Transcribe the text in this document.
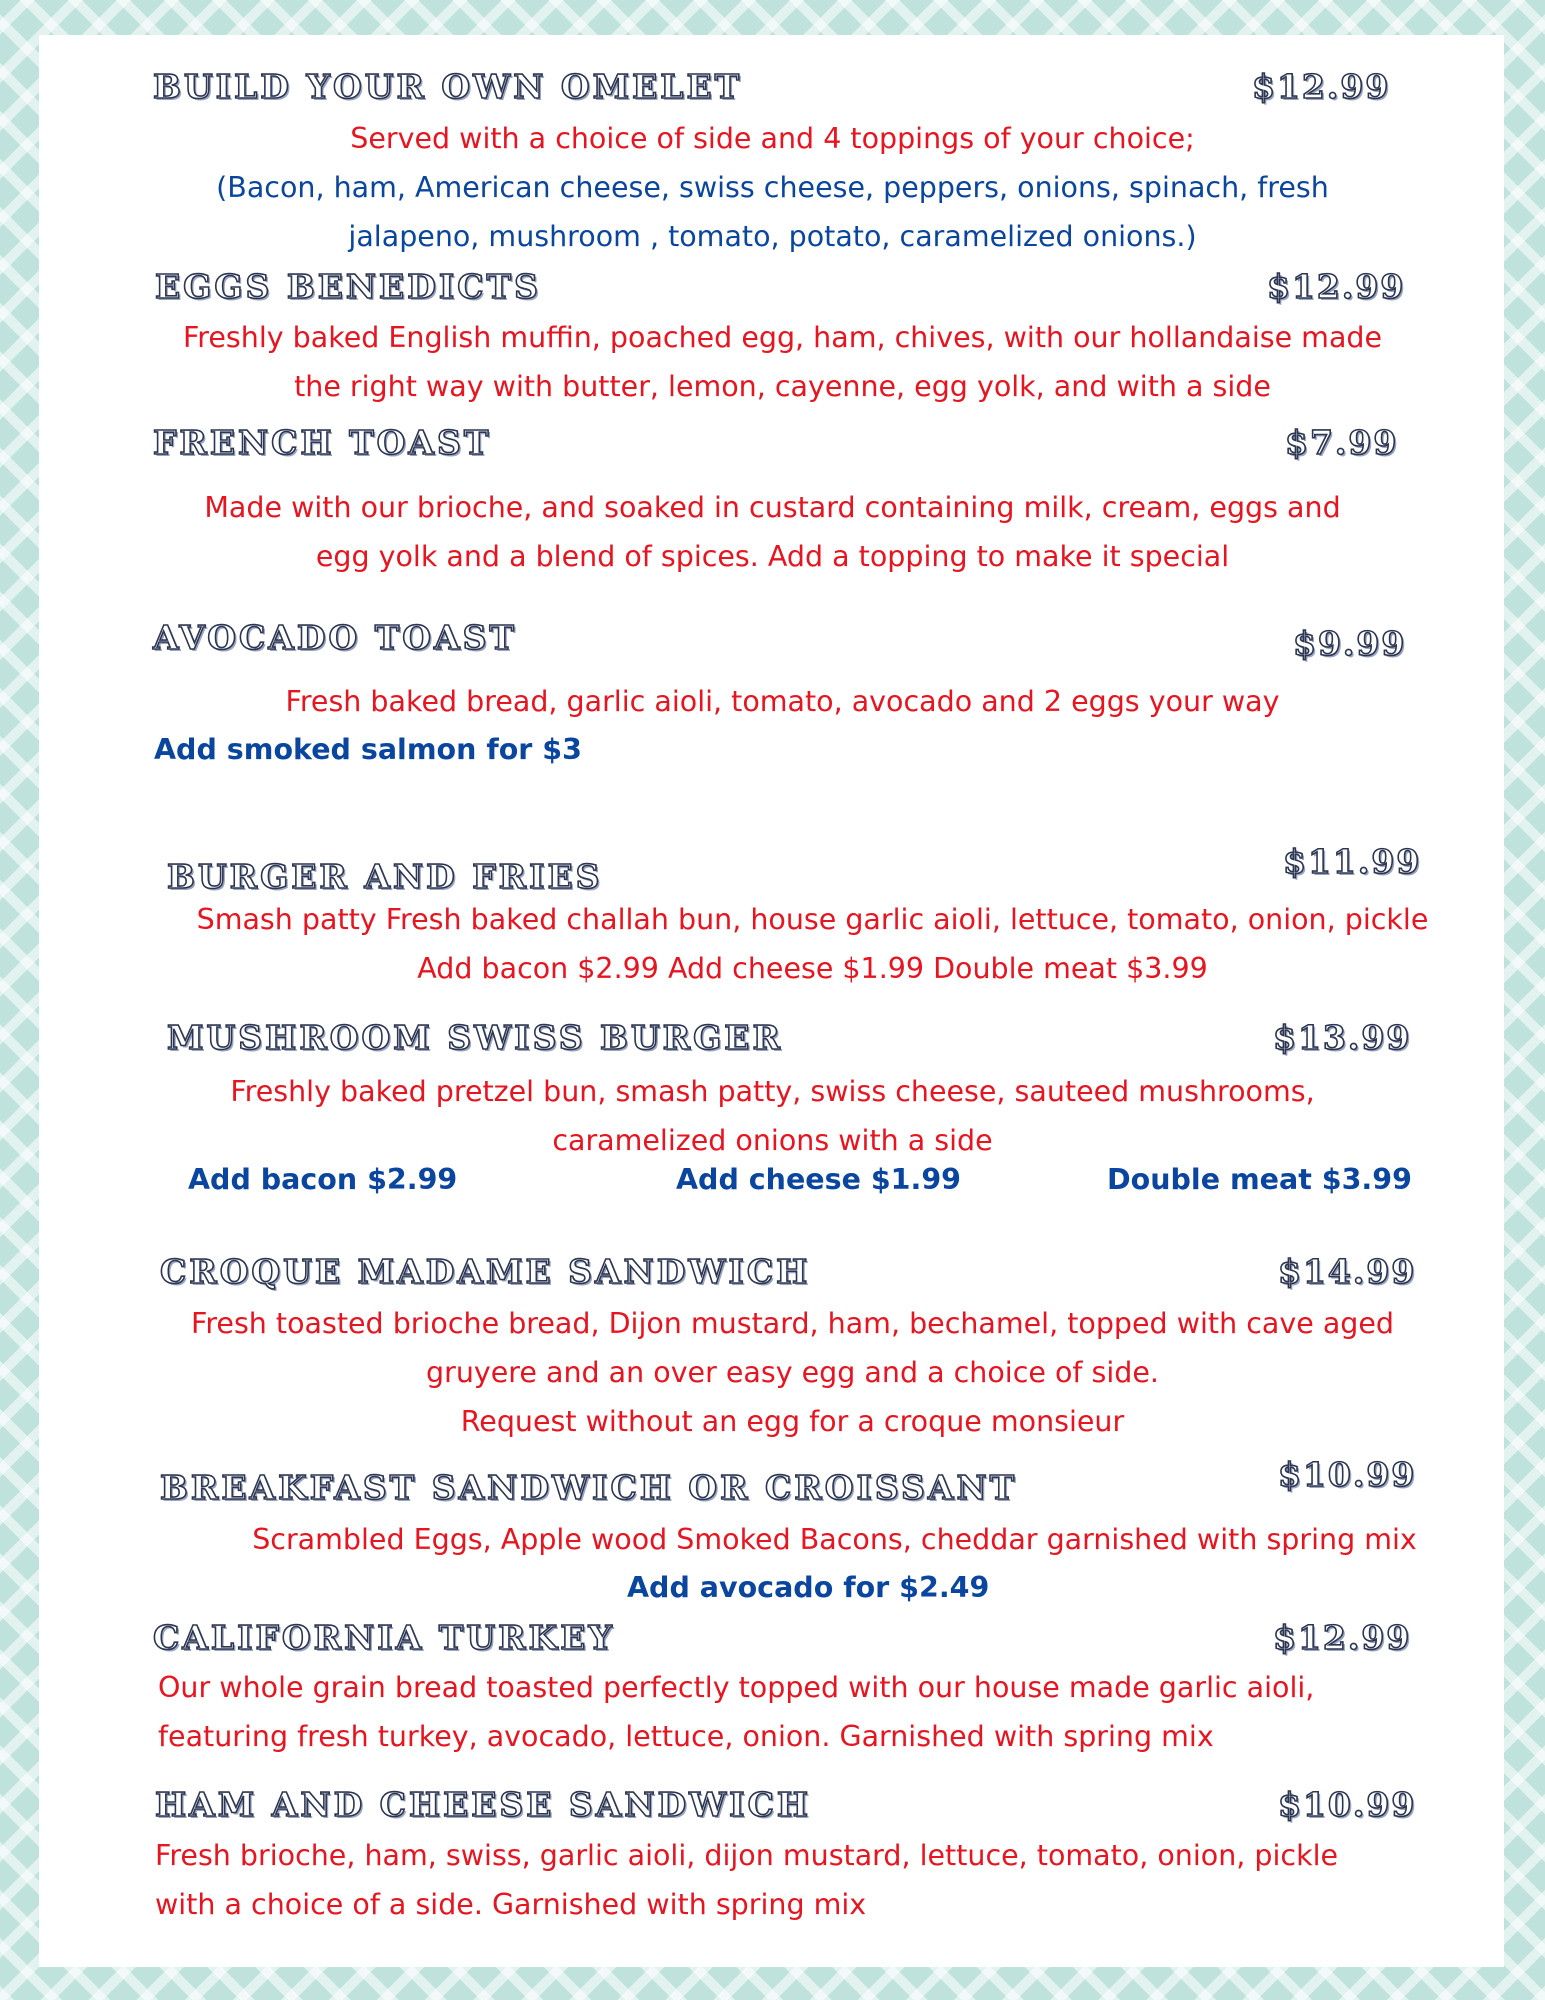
BUILD YOUR OWN OMELET	$12.99
Served with a choice of side and 4 toppings of your choice;
(Bacon, ham, American cheese, swiss cheese, peppers, onions, spinach, fresh
jalapeno, mushroom , tomato, potato, caramelized onions.)
EGGS BENEDICTS	$12.99
Freshly baked English muffin, poached egg, ham, chives, with our hollandaise made
the right way with butter, lemon, cayenne, egg yolk, and with a side
FRENCH TOAST	$7.99
Made with our brioche, and soaked in custard containing milk, cream, eggs and
egg yolk and a blend of spices. Add a topping to make it special
AVOCADO TOAST	$9.99
Fresh baked bread, garlic aioli, tomato, avocado and 2 eggs your way
Add smoked salmon for $3
BURGER AND FRIES	$11.99
Smash patty Fresh baked challah bun, house garlic aioli, lettuce, tomato, onion, pickle
Add bacon $2.99 Add cheese $1.99 Double meat $3.99
MUSHROOM SWISS BURGER	$13.99
Freshly baked pretzel bun, smash patty, swiss cheese, sauteed mushrooms,
caramelized onions with a side
Add bacon $2.99	Add cheese $1.99	Double meat $3.99
CROQUE MADAME SANDWICH	$14.99
Fresh toasted brioche bread, Dijon mustard, ham, bechamel, topped with cave aged
gruyere and an over easy egg and a choice of side.
Request without an egg for a croque monsieur
BREAKFAST SANDWICH OR CROISSANT	$10.99
Scrambled Eggs, Apple wood Smoked Bacons, cheddar garnished with spring mix
Add avocado for $2.49
CALIFORNIA TURKEY	$12.99
Our whole grain bread toasted perfectly topped with our house made garlic aioli,
featuring fresh turkey, avocado, lettuce, onion. Garnished with spring mix
HAM AND CHEESE SANDWICH	$10.99
Fresh brioche, ham, swiss, garlic aioli, dijon mustard, lettuce, tomato, onion, pickle
with a choice of a side. Garnished with spring mix
